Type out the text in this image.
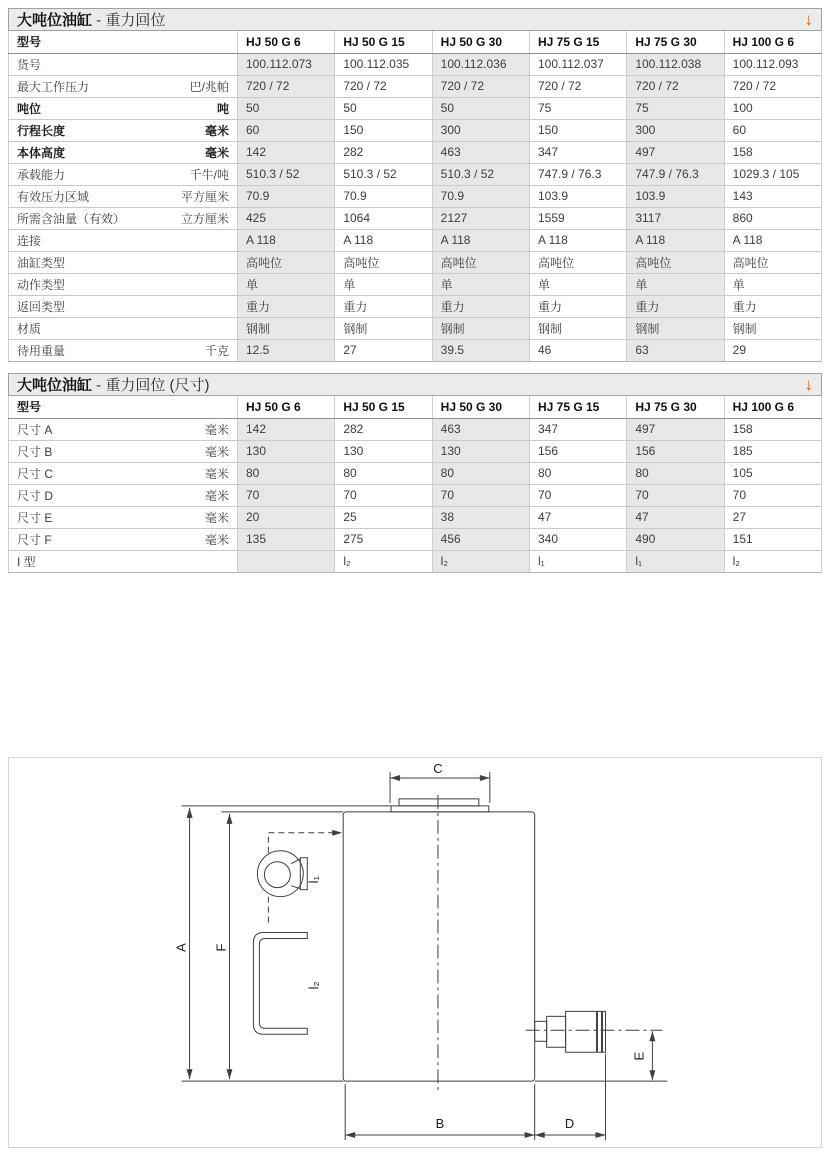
大吨位油缸 - 重力回位	↓
型号	HJ 50 G 6	HJ 50 G 15	HJ 50 G 30	HJ 75 G 15	HJ 75 G 30	HJ 100 G 6

货号	100.112.073	100.112.035	100.112.036	100.112.037	100.112.038	100.112.093

最大工作压力 巴/兆帕	720 / 72	720 / 72	720 / 72	720 / 72	720 / 72	720 / 72

吨位 吨	50	50	50	75	75	100

行程长度 毫米	60	150	300	150	300	60

本体高度 毫米	142	282	463	347	497	158

承载能力 千牛/吨	510.3 / 52	510.3 / 52	510.3 / 52	747.9 / 76.3	747.9 / 76.3	1029.3 / 105

有效压力区域 平方厘米	70.9	70.9	70.9	103.9	103.9	143

所需含油量（有效） 立方厘米	425	1064	2127	1559	3117	860

连接	A 118	A 118	A 118	A 118	A 118	A 118

油缸类型	高吨位	高吨位	高吨位	高吨位	高吨位	高吨位

动作类型	单	单	单	单	单	单

返回类型	重力	重力	重力	重力	重力	重力

材质	钢制	钢制	钢制	钢制	钢制	钢制

待用重量 千克	12.5	27	39.5	46	63	29
大吨位油缸 - 重力回位 (尺寸)	↓
型号	HJ 50 G 6	HJ 50 G 15	HJ 50 G 30	HJ 75 G 15	HJ 75 G 30	HJ 100 G 6

尺寸 A 毫米	142	282	463	347	497	158

尺寸 B 毫米	130	130	130	156	156	185

尺寸 C 毫米	80	80	80	80	80	105

尺寸 D 毫米	70	70	70	70	70	70

尺寸 E 毫米	20	25	38	47	47	27

尺寸 F 毫米	135	275	456	340	490	151

I 型		l₂	l₂	l₁	l₁	l₂
C
A F
l₁
l₂
E
B	D
